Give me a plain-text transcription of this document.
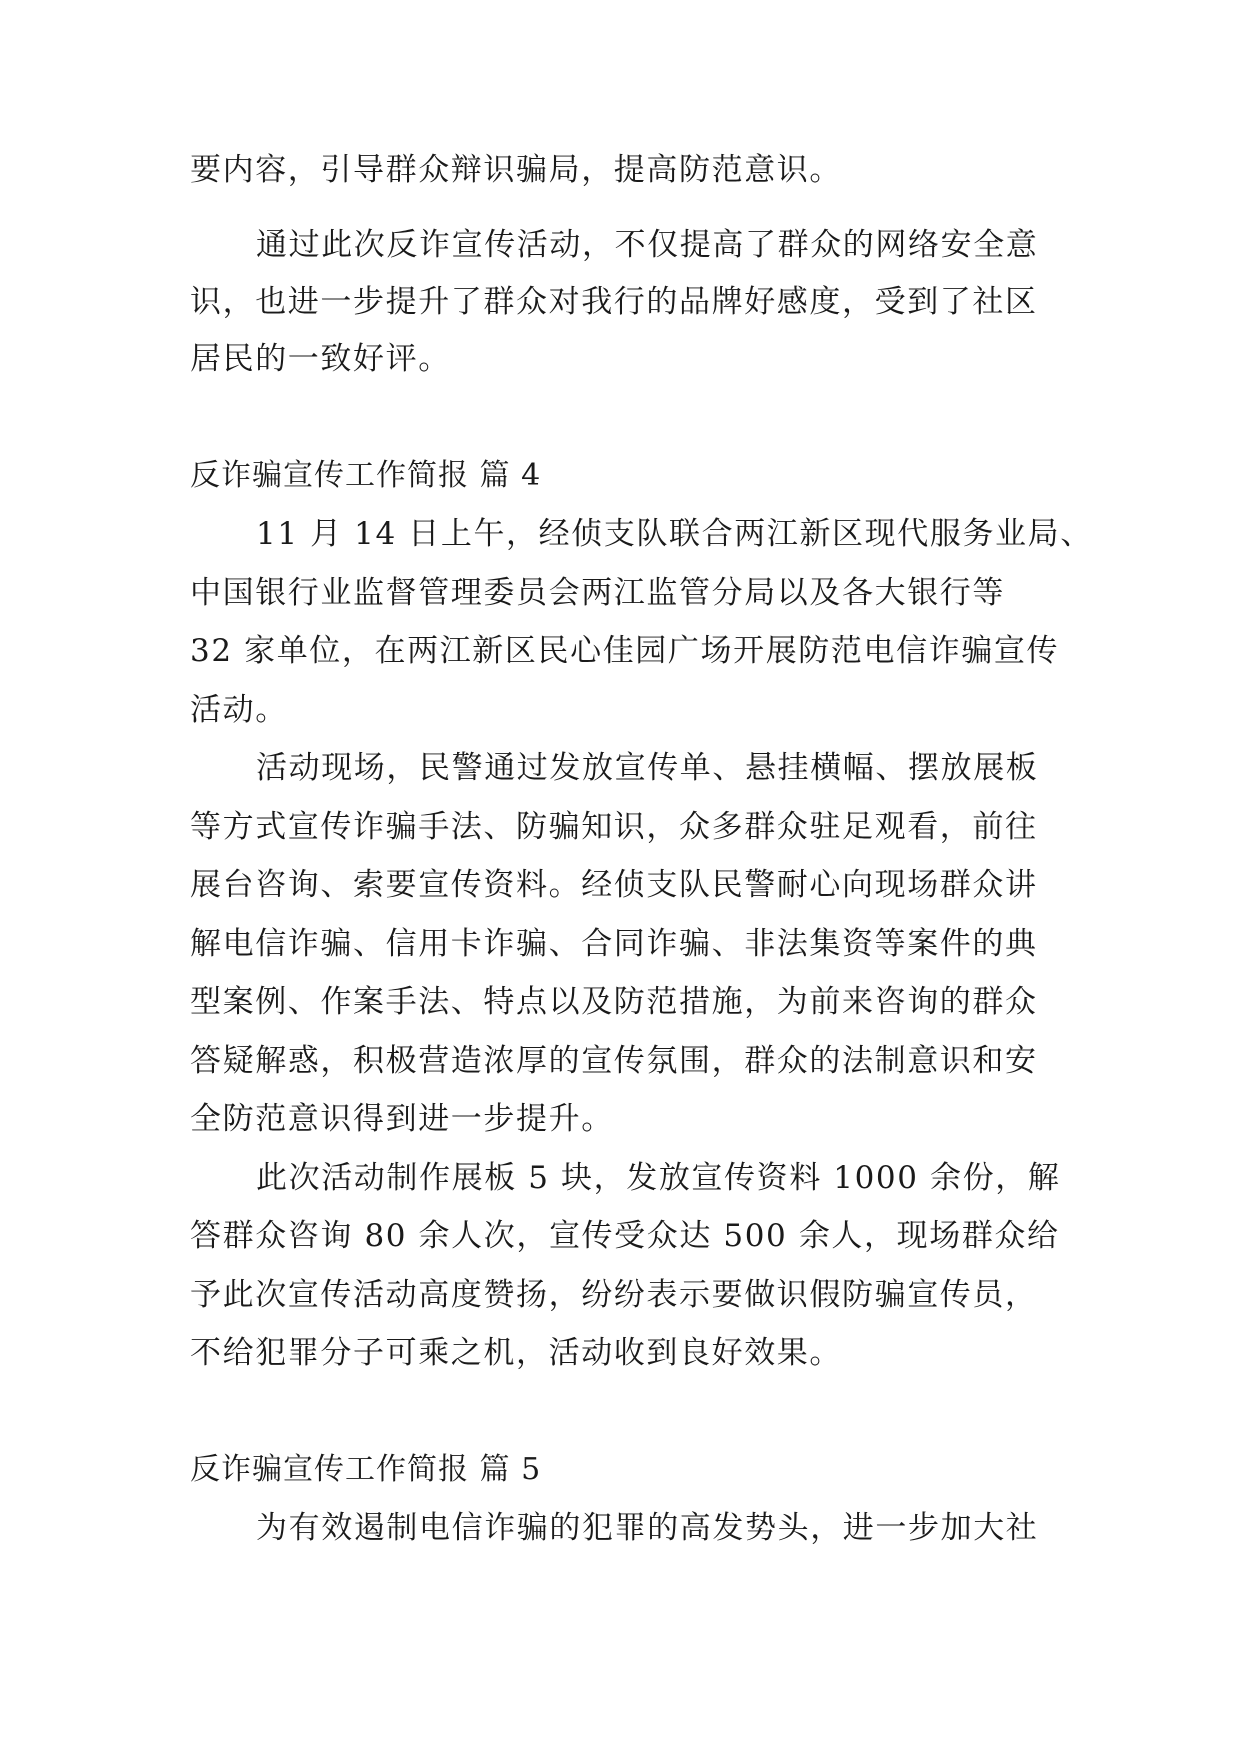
要内容，引导群众辩识骗局，提高防范意识。
通过此次反诈宣传活动，不仅提高了群众的网络安全意
识，也进一步提升了群众对我行的品牌好感度，受到了社区
居民的一致好评。
反诈骗宣传工作简报 篇 4
11 月 14 日上午，经侦支队联合两江新区现代服务业局、
中国银行业监督管理委员会两江监管分局以及各大银行等
32 家单位，在两江新区民心佳园广场开展防范电信诈骗宣传
活动。
活动现场，民警通过发放宣传单、悬挂横幅、摆放展板
等方式宣传诈骗手法、防骗知识，众多群众驻足观看，前往
展台咨询、索要宣传资料。经侦支队民警耐心向现场群众讲
解电信诈骗、信用卡诈骗、合同诈骗、非法集资等案件的典
型案例、作案手法、特点以及防范措施，为前来咨询的群众
答疑解惑，积极营造浓厚的宣传氛围，群众的法制意识和安
全防范意识得到进一步提升。
此次活动制作展板 5 块，发放宣传资料 1000 余份，解
答群众咨询 80 余人次，宣传受众达 500 余人，现场群众给
予此次宣传活动高度赞扬，纷纷表示要做识假防骗宣传员，
不给犯罪分子可乘之机，活动收到良好效果。
反诈骗宣传工作简报 篇 5
为有效遏制电信诈骗的犯罪的高发势头，进一步加大社
